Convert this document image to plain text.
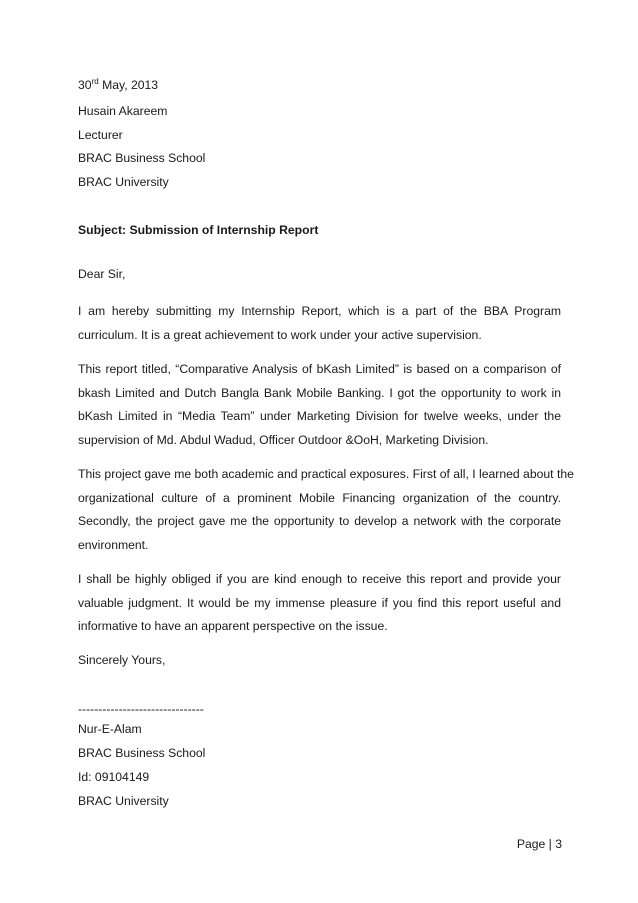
30rd May, 2013
Husain Akareem
Lecturer
BRAC Business School
BRAC University
Subject: Submission of Internship Report
Dear Sir,
I am hereby submitting my Internship Report, which is a part of the BBA Program
curriculum. It is a great achievement to work under your active supervision.
This report titled, “Comparative Analysis of bKash Limited” is based on a comparison of
bkash Limited and Dutch Bangla Bank Mobile Banking. I got the opportunity to work in
bKash Limited in “Media Team” under Marketing Division for twelve weeks, under the
supervision of Md. Abdul Wadud, Officer Outdoor &OoH, Marketing Division.
This project gave me both academic and practical exposures. First of all, I learned about the
organizational culture of a prominent Mobile Financing organization of the country.
Secondly, the project gave me the opportunity to develop a network with the corporate
environment.
I shall be highly obliged if you are kind enough to receive this report and provide your
valuable judgment. It would be my immense pleasure if you find this report useful and
informative to have an apparent perspective on the issue.
Sincerely Yours,
-------------------------------
Nur-E-Alam
BRAC Business School
Id: 09104149
BRAC University
Page | 3
